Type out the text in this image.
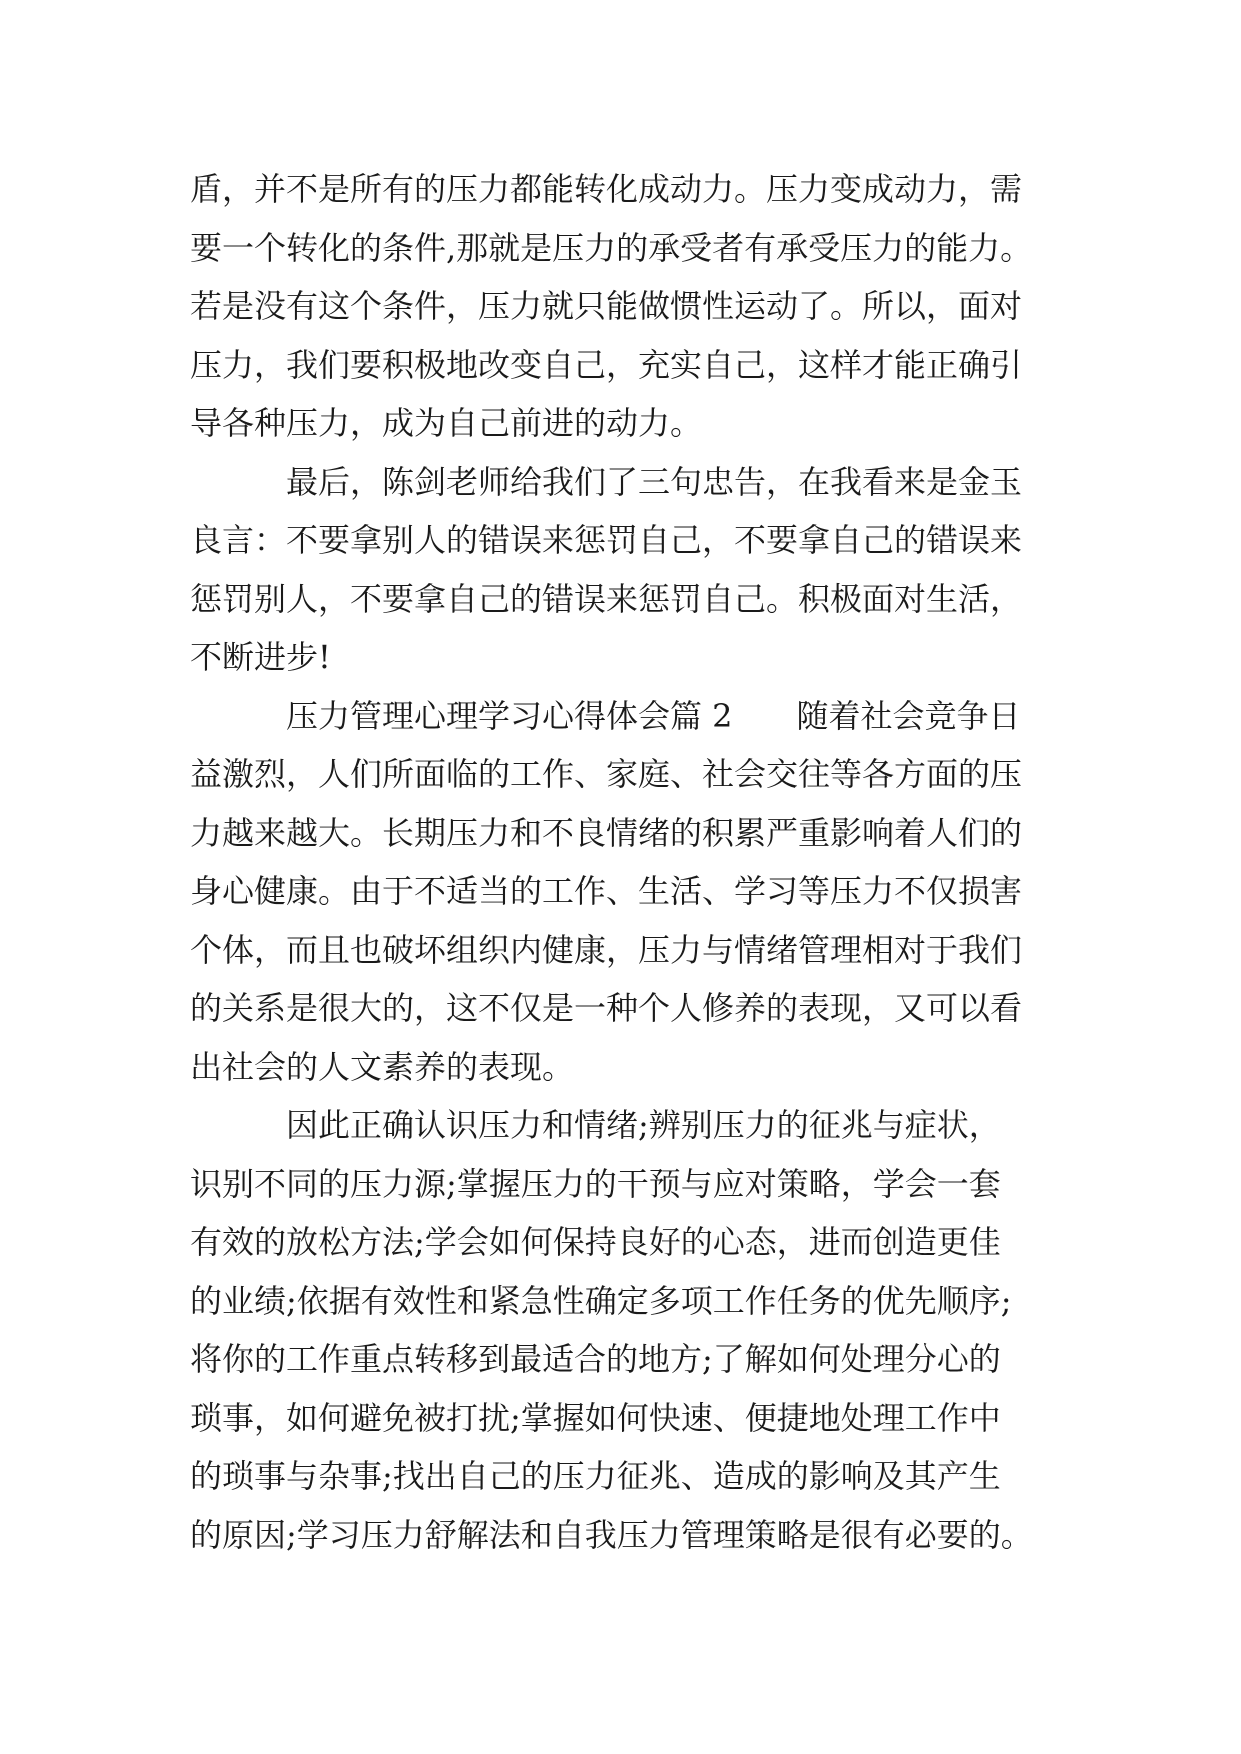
盾，并不是所有的压力都能转化成动力。压力变成动力，需
要一个转化的条件,那就是压力的承受者有承受压力的能力。
若是没有这个条件，压力就只能做惯性运动了。所以，面对
压力，我们要积极地改变自己，充实自己，这样才能正确引
导各种压力，成为自己前进的动力。
最后，陈剑老师给我们了三句忠告，在我看来是金玉
良言：不要拿别人的错误来惩罚自己，不要拿自己的错误来
惩罚别人，不要拿自己的错误来惩罚自己。积极面对生活，
不断进步!
压力管理心理学习心得体会篇 2　　随着社会竞争日
益激烈，人们所面临的工作、家庭、社会交往等各方面的压
力越来越大。长期压力和不良情绪的积累严重影响着人们的
身心健康。由于不适当的工作、生活、学习等压力不仅损害
个体，而且也破坏组织内健康，压力与情绪管理相对于我们
的关系是很大的，这不仅是一种个人修养的表现，又可以看
出社会的人文素养的表现。
因此正确认识压力和情绪;辨别压力的征兆与症状，
识别不同的压力源;掌握压力的干预与应对策略，学会一套
有效的放松方法;学会如何保持良好的心态，进而创造更佳
的业绩;依据有效性和紧急性确定多项工作任务的优先顺序;
将你的工作重点转移到最适合的地方;了解如何处理分心的
琐事，如何避免被打扰;掌握如何快速、便捷地处理工作中
的琐事与杂事;找出自己的压力征兆、造成的影响及其产生
的原因;学习压力舒解法和自我压力管理策略是很有必要的。
